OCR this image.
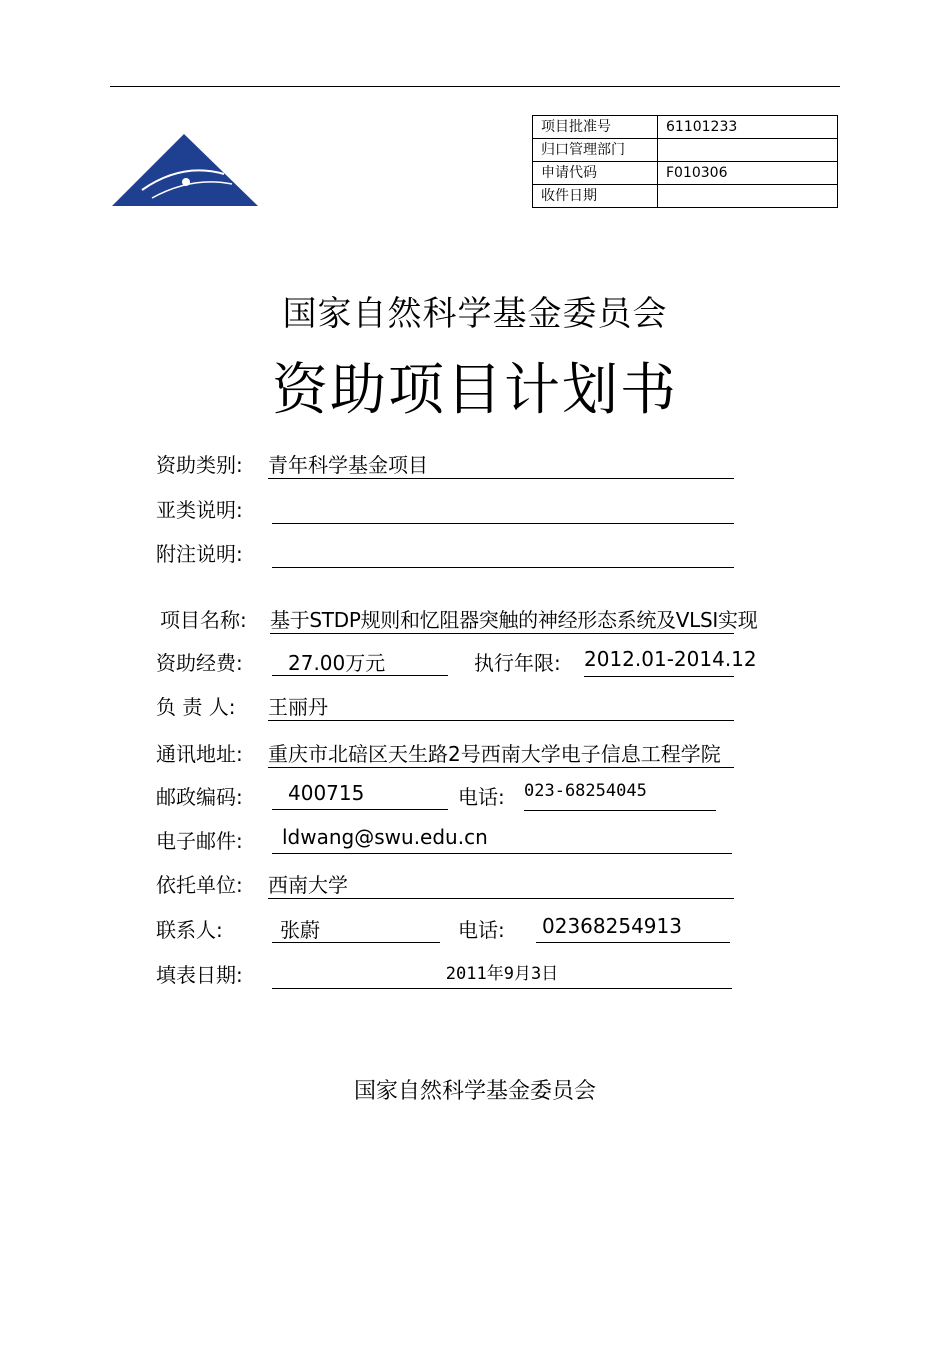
项目批准号	61101233
归口管理部门	
申请代码	F010306
收件日期	
国家自然科学基金委员会
资助项目计划书
资助类别: 青年科学基金项目
亚类说明:
附注说明:
项目名称: 基于STDP规则和忆阻器突触的神经形态系统及VLSI实现
资助经费:	27.00万元	执行年限: 2012.01-2014.12
负 责 人: 王丽丹
通讯地址: 重庆市北碚区天生路2号西南大学电子信息工程学院
邮政编码:	400715	电话: 023-68254045
电子邮件:	ldwang@swu.edu.cn
依托单位: 西南大学
联系人:	张蔚	电话:	02368254913
填表日期:	2011年9月3日
国家自然科学基金委员会
